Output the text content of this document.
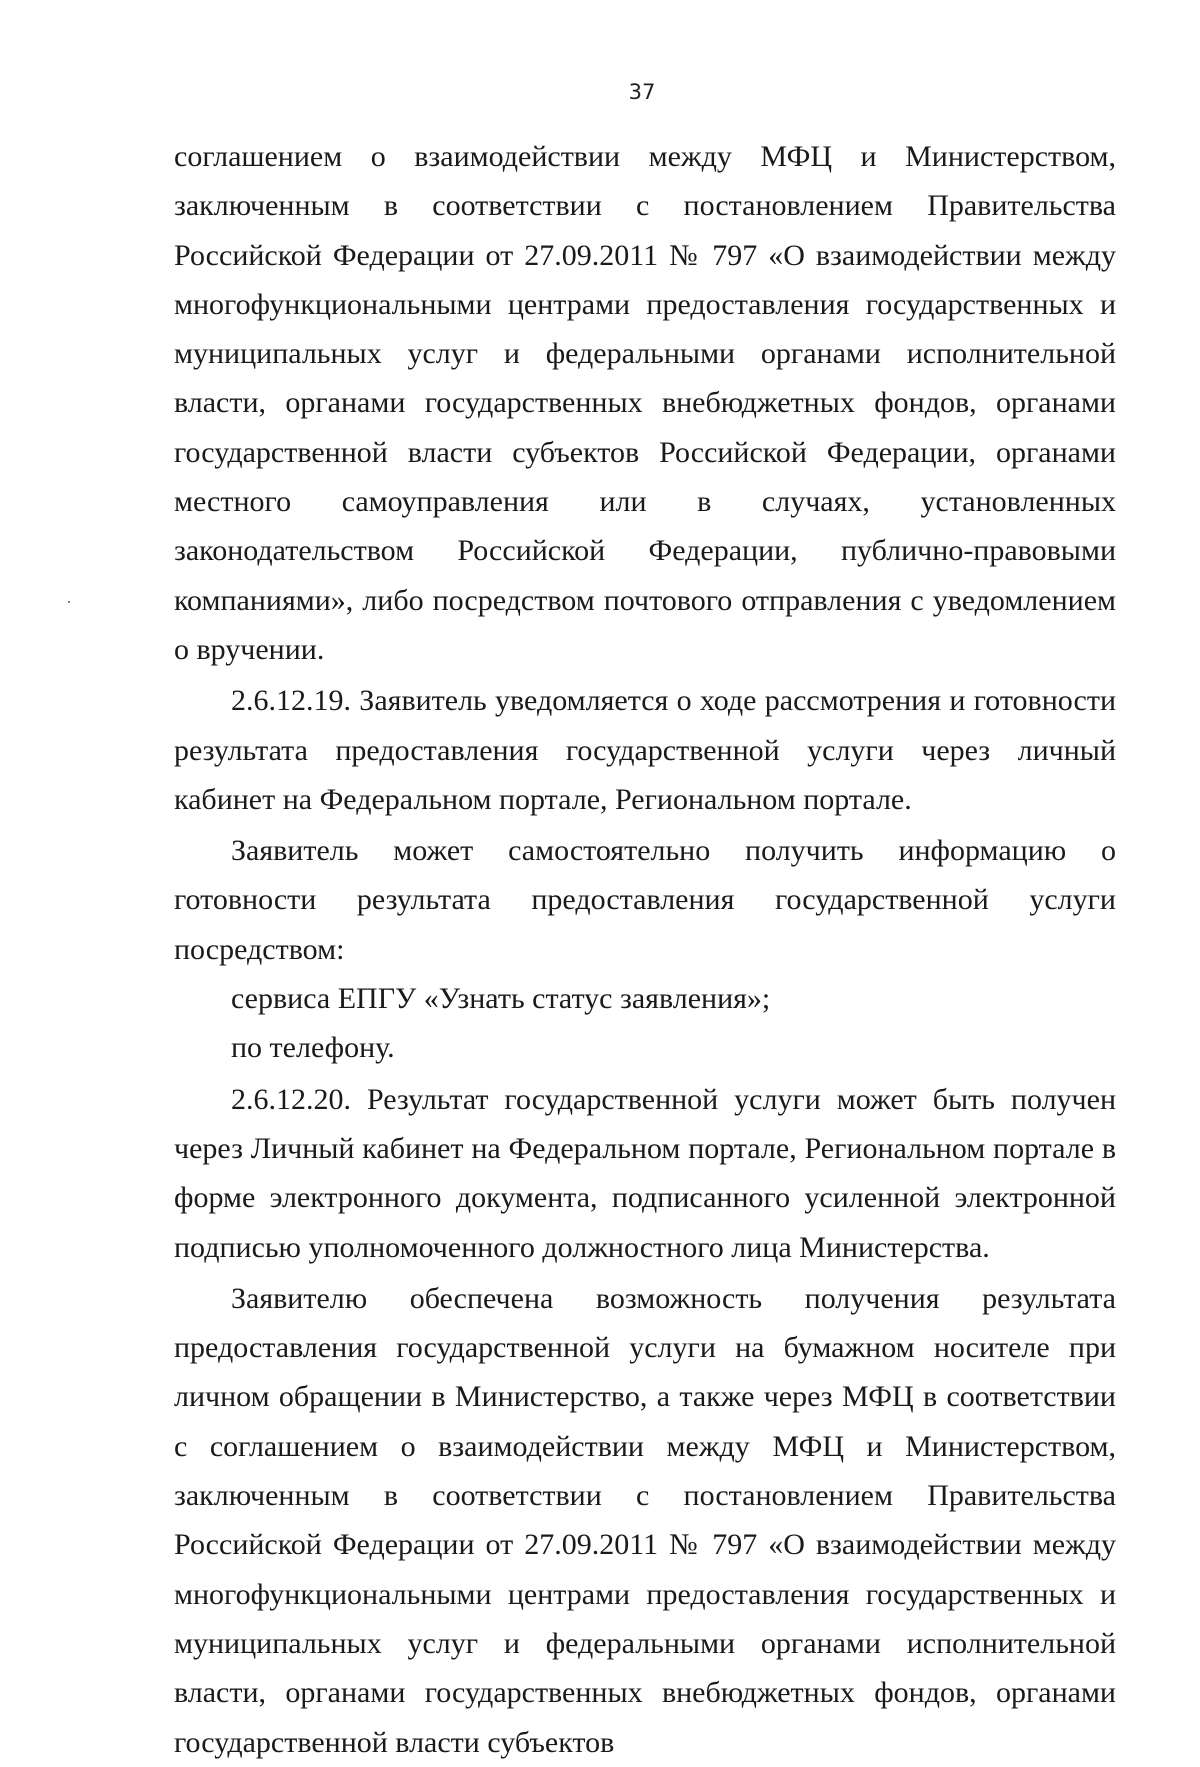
37

соглашением о взаимодействии между МФЦ и Министерством, заключенным в соответствии с постановлением Правительства Российской Федерации от 27.09.2011 № 797 «О взаимодействии между многофункциональными центрами предоставления государственных и муниципальных услуг и федеральными органами исполнительной власти, органами государственных внебюджетных фондов, органами государственной власти субъектов Российской Федерации, органами местного самоуправления или в случаях, установленных законодательством Российской Федерации, публично-правовыми компаниями», либо посредством почтового отправления с уведомлением о вручении.

2.6.12.19. Заявитель уведомляется о ходе рассмотрения и готовности результата предоставления государственной услуги через личный кабинет на Федеральном портале, Региональном портале.

Заявитель может самостоятельно получить информацию о готовности результата предоставления государственной услуги посредством:

сервиса ЕПГУ «Узнать статус заявления»;

по телефону.

2.6.12.20. Результат государственной услуги может быть получен через Личный кабинет на Федеральном портале, Региональном портале в форме электронного документа, подписанного усиленной электронной подписью уполномоченного должностного лица Министерства.

Заявителю обеспечена возможность получения результата предоставления государственной услуги на бумажном носителе при личном обращении в Министерство, а также через МФЦ в соответствии с соглашением о взаимодействии между МФЦ и Министерством, заключенным в соответствии с постановлением Правительства Российской Федерации от 27.09.2011 № 797 «О взаимодействии между многофункциональными центрами предоставления государственных и муниципальных услуг и федеральными органами исполнительной власти, органами государственных внебюджетных фондов, органами государственной власти субъектов
